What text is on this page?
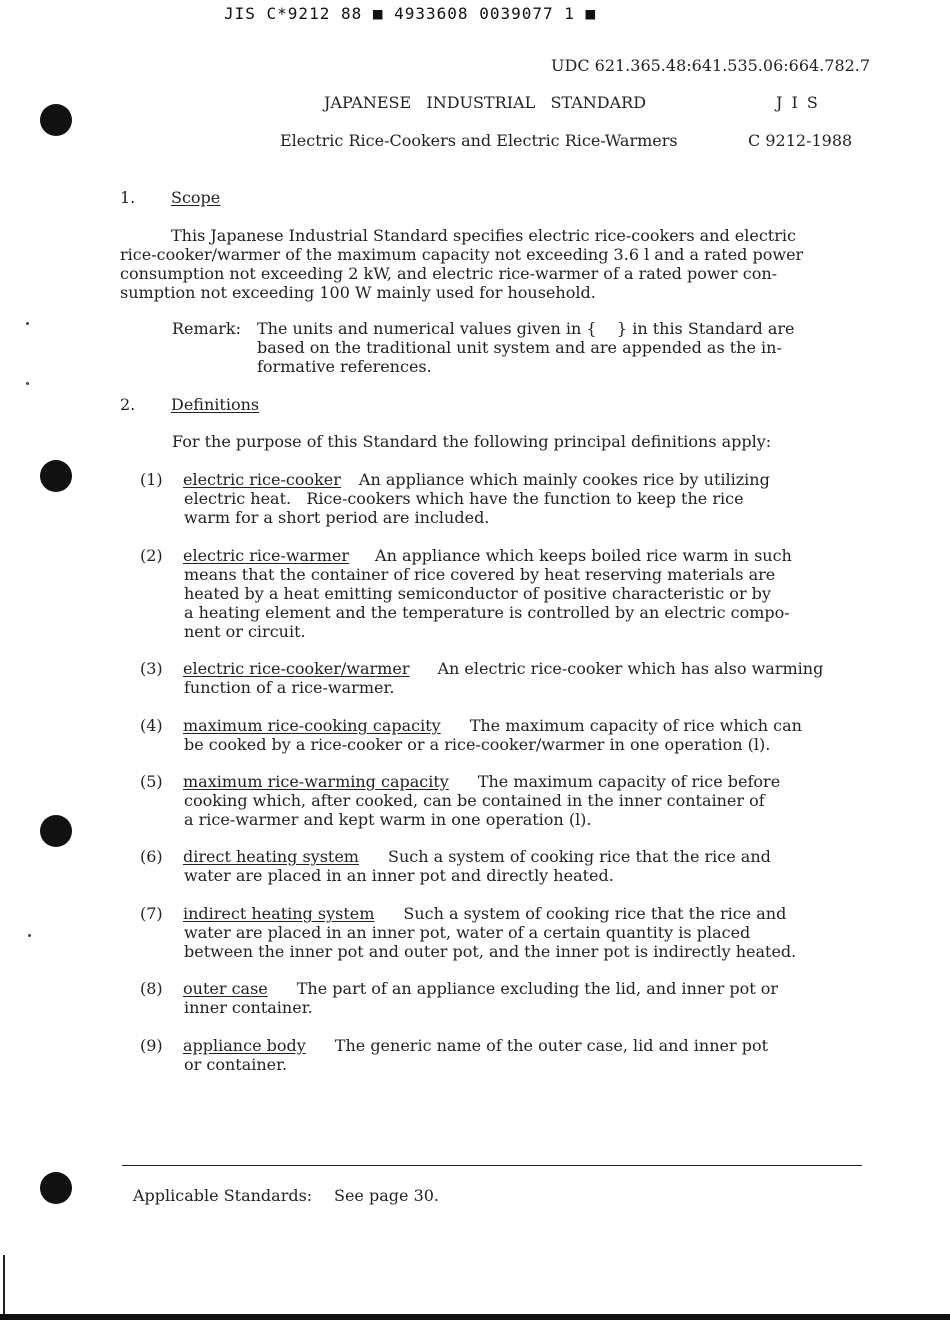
JIS C*9212 88 ■ 4933608 0039077 1 ■
UDC 621.365.48:641.535.06:664.782.7
JAPANESE   INDUSTRIAL   STANDARD	J I S
Electric Rice-Cookers and Electric Rice-Warmers	C 9212-1988
1. Scope
This Japanese Industrial Standard specifies electric rice-cookers and electric
rice-cooker/warmer of the maximum capacity not exceeding 3.6 l and a rated power
consumption not exceeding 2 kW, and electric rice-warmer of a rated power con-
sumption not exceeding 100 W mainly used for household.
Remark: The units and numerical values given in {    } in this Standard are
based on the traditional unit system and are appended as the in-
formative references.
2. Definitions
For the purpose of this Standard the following principal definitions apply:
(1) electric rice-cooker An appliance which mainly cookes rice by utilizing
electric heat.   Rice-cookers which have the function to keep the rice
warm for a short period are included.
(2) electric rice-warmer An appliance which keeps boiled rice warm in such
means that the container of rice covered by heat reserving materials are
heated by a heat emitting semiconductor of positive characteristic or by
a heating element and the temperature is controlled by an electric compo-
nent or circuit.
(3) electric rice-cooker/warmer An electric rice-cooker which has also warming
function of a rice-warmer.
(4) maximum rice-cooking capacity The maximum capacity of rice which can
be cooked by a rice-cooker or a rice-cooker/warmer in one operation (l).
(5) maximum rice-warming capacity The maximum capacity of rice before
cooking which, after cooked, can be contained in the inner container of
a rice-warmer and kept warm in one operation (l).
(6) direct heating system Such a system of cooking rice that the rice and
water are placed in an inner pot and directly heated.
(7) indirect heating system Such a system of cooking rice that the rice and
water are placed in an inner pot, water of a certain quantity is placed
between the inner pot and outer pot, and the inner pot is indirectly heated.
(8) outer case The part of an appliance excluding the lid, and inner pot or
inner container.
(9) appliance body The generic name of the outer case, lid and inner pot
or container.
Applicable Standards: See page 30.
